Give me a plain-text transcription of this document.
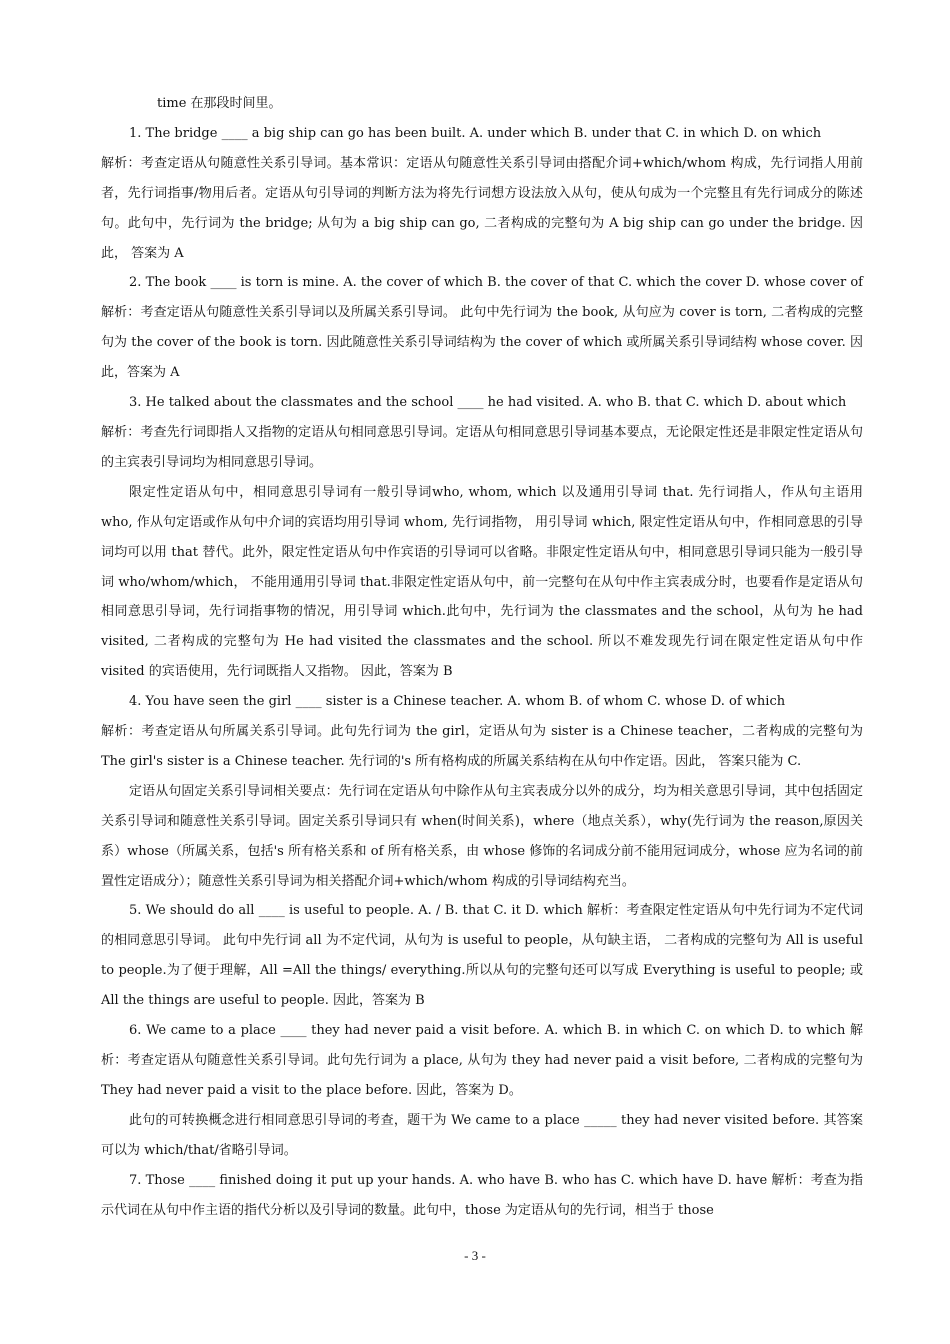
time 在那段时间里。

1. The bridge ____ a big ship can go has been built. A. under which B. under that C. in which D. on which

解析：考查定语从句随意性关系引导词。基本常识：定语从句随意性关系引导词由搭配介词+which/whom 构成，先行词指人用前者，先行词指事/物用后者。定语从句引导词的判断方法为将先行词想方设法放入从句，使从句成为一个完整且有先行词成分的陈述句。此句中，先行词为 the bridge; 从句为 a big ship can go, 二者构成的完整句为 A big ship can go under the bridge. 因此， 答案为 A

2. The book ____ is torn is mine. A. the cover of which B. the cover of that C. which the cover D. whose cover of 解析：考查定语从句随意性关系引导词以及所属关系引导词。 此句中先行词为 the book, 从句应为 cover is torn, 二者构成的完整句为 the cover of the book is torn. 因此随意性关系引导词结构为 the cover of which 或所属关系引导词结构 whose cover. 因此，答案为 A

3. He talked about the classmates and the school ____ he had visited. A. who B. that C. which D. about which

解析：考查先行词即指人又指物的定语从句相同意思引导词。定语从句相同意思引导词基本要点，无论限定性还是非限定性定语从句的主宾表引导词均为相同意思引导词。

限定性定语从句中，相同意思引导词有一般引导词who, whom, which 以及通用引导词 that. 先行词指人，作从句主语用 who, 作从句定语或作从句中介词的宾语均用引导词 whom, 先行词指物， 用引导词 which, 限定性定语从句中，作相同意思的引导词均可以用 that 替代。此外，限定性定语从句中作宾语的引导词可以省略。非限定性定语从句中，相同意思引导词只能为一般引导词 who/whom/which， 不能用通用引导词 that.非限定性定语从句中，前一完整句在从句中作主宾表成分时，也要看作是定语从句相同意思引导词，先行词指事物的情况，用引导词 which.此句中，先行词为 the classmates and the school，从句为 he had visited, 二者构成的完整句为 He had visited the classmates and the school. 所以不难发现先行词在限定性定语从句中作 visited 的宾语使用，先行词既指人又指物。 因此，答案为 B

4. You have seen the girl ____ sister is a Chinese teacher. A. whom B. of whom C. whose D. of which

解析：考查定语从句所属关系引导词。此句先行词为 the girl，定语从句为 sister is a Chinese teacher，二者构成的完整句为 The girl's sister is a Chinese teacher. 先行词的's 所有格构成的所属关系结构在从句中作定语。因此， 答案只能为 C.

定语从句固定关系引导词相关要点：先行词在定语从句中除作从句主宾表成分以外的成分，均为相关意思引导词，其中包括固定关系引导词和随意性关系引导词。固定关系引导词只有 when(时间关系)，where（地点关系），why(先行词为 the reason,原因关系）whose（所属关系，包括's 所有格关系和 of 所有格关系，由 whose 修饰的名词成分前不能用冠词成分，whose 应为名词的前置性定语成分）；随意性关系引导词为相关搭配介词+which/whom 构成的引导词结构充当。

5. We should do all ____ is useful to people. A. / B. that C. it D. which 解析：考查限定性定语从句中先行词为不定代词的相同意思引导词。 此句中先行词 all 为不定代词，从句为 is useful to people，从句缺主语， 二者构成的完整句为 All is useful to people.为了便于理解，All =All the things/ everything.所以从句的完整句还可以写成 Everything is useful to people; 或 All the things are useful to people. 因此，答案为 B

6. We came to a place ____ they had never paid a visit before. A. which B. in which C. on which D. to which 解析：考查定语从句随意性关系引导词。此句先行词为 a place, 从句为 they had never paid a visit before, 二者构成的完整句为 They had never paid a visit to the place before. 因此，答案为 D。

此句的可转换概念进行相同意思引导词的考查，题干为 We came to a place _____ they had never visited before. 其答案可以为 which/that/省略引导词。

7. Those ____ finished doing it put up your hands. A. who have B. who has C. which have D. have 解析：考查为指示代词在从句中作主语的指代分析以及引导词的数量。此句中，those 为定语从句的先行词，相当于 those

- 3 -
